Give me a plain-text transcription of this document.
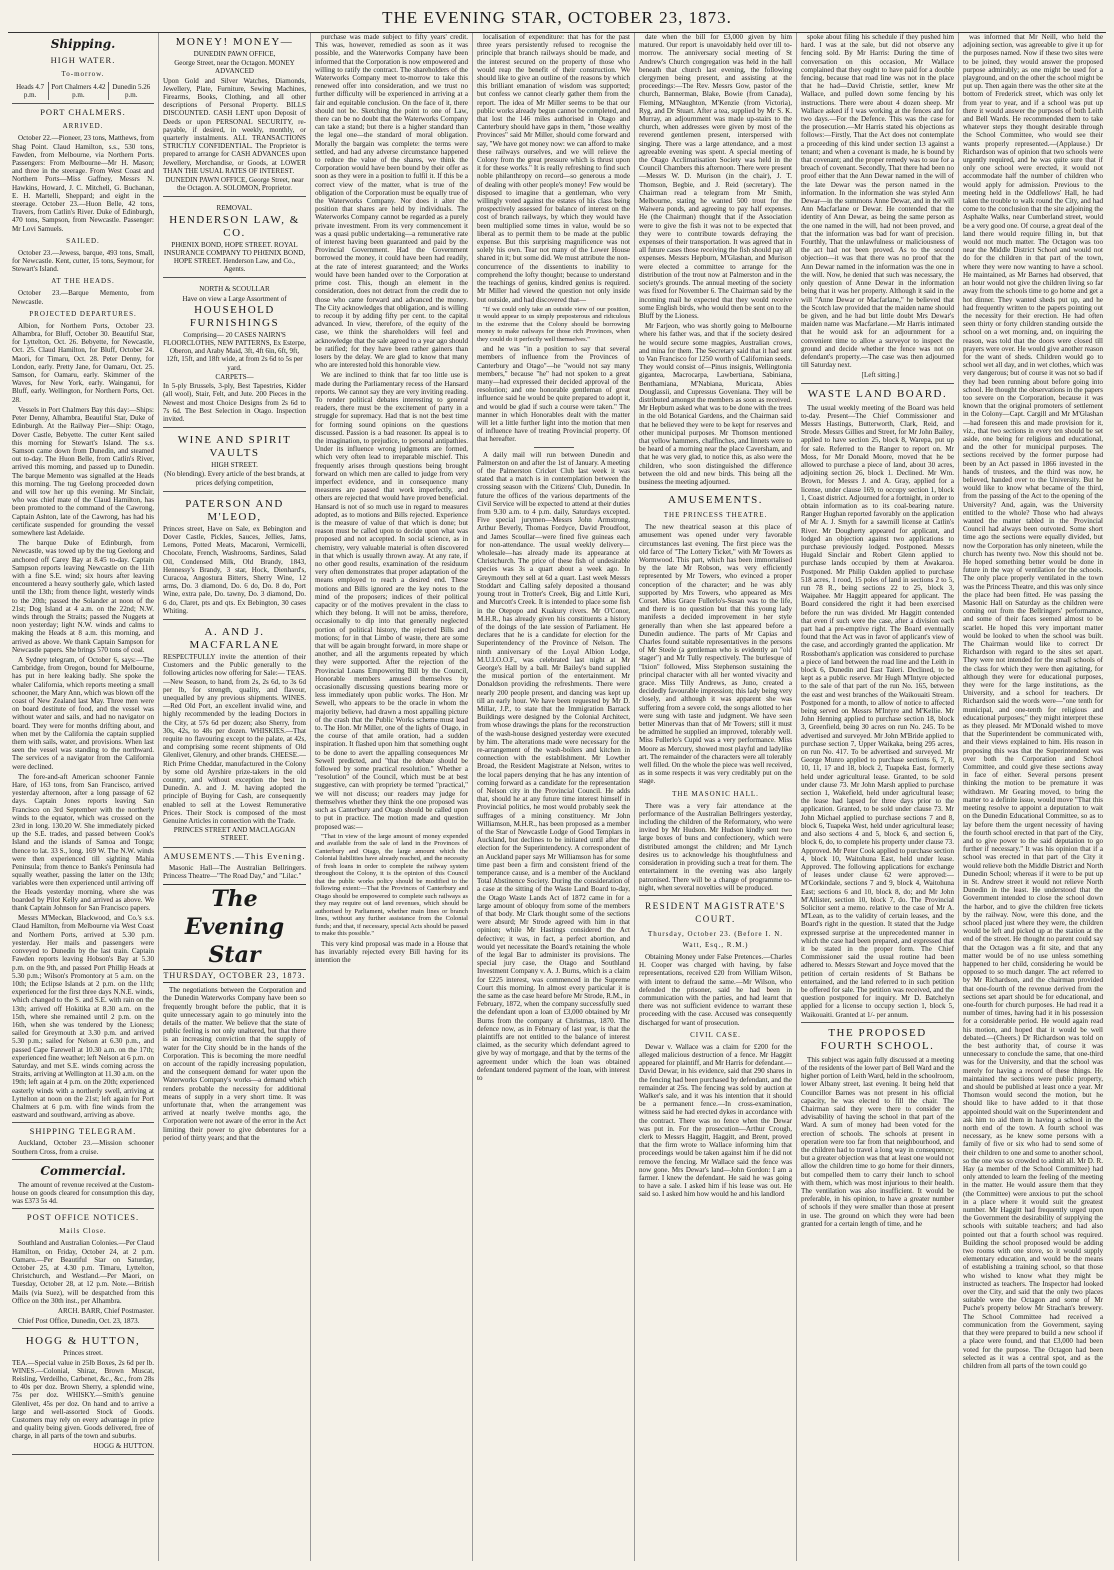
THE EVENING STAR, OCTOBER 23, 1873.
Shipping.
HIGH WATER.
To-morrow.
Heads 4.7 p.m.	Port Chalmers 4.42 p.m.	Dunedin 5.26 p.m.
PORT CHALMERS.
ARRIVED.

October 22.—Pioneer, 23 tons, Matthews, from Shag Point. Claud Hamilton, s.s., 530 tons, Fawden, from Melbourne, via Northern Ports. Passengers: From Melbourne—Mr H. Mason; and three in the steerage. From West Coast and Northern Ports—Miss Gaffney, Messrs N. Hawkins, Howard, J. C. Mitchell, G. Buchanan, E. H. Martelli, Sheppard; and eight in the steerage. October 23.—Huon Belle, 42 tons, Travers, from Catlin's River. Duke of Edinburgh, 470 tons, Sampson, from Newcastle. Passenger: Mr Lovi Samuels.

SAILED.

October 23.—Jewess, barque, 493 tons, Small, for Newcastle. Kent, cutter, 15 tons, Seymour, for Stewart's Island.

AT THE HEADS.

October 23.—Barque Memento, from Newcastle.

PROJECTED DEPARTURES.

Albion, for Northern Ports, October 23. Alhambra, for Bluff, October 30. Beautiful Star, for Lyttelton, Oct. 26. Bebyette, for Newcastle, Oct. 25. Claud Hamilton, for Bluff, October 24. Maori, for Timaru, Oct. 28. Peter Denny, for London, early. Pretty Jane, for Oamaru, Oct. 25. Samson, for Oamaru, early. Skimmer of the Waves, for New York, early. Wainganui, for Bluff, early. Wellington, for Northern Ports, Oct. 28.

Vessels in Port Chalmers Bay this day:—Ships: Peter Denny, Alhambra, Beautiful Star, Duke of Edinburgh. At the Railway Pier—Ship: Otago, Dover Castle, Bebyette. The cutter Kent sailed this morning for Stewart's Island. The s.s. Samson came down from Dunedin, and steamed out to-day. The Huon Belle, from Catlin's River, arrived this morning, and passed up to Dunedin. The barque Memento was signalled at the Heads this morning. The tug Geelong proceeded down and will tow her up this evening. Mr Sinclair, who was chief mate of the Claud Hamilton, has been promoted to the command of the Cawrong, Captain Ashton, late of the Cawrong, has had his certificate suspended for grounding the vessel somewhere last Adelaide.

The barque Duke of Edinburgh, from Newcastle, was towed up by the tug Geelong and anchored off Carey Bay at 8.45 to-day. Captain Sampson reports leaving Newcastle on the 11th with a fine S.E. wind; six hours after leaving encountered a heavy southerly gale, which lasted until the 13th; from thence light, westerly winds to the 20th; passed the Solander at noon of the 21st; Dog Island at 4 a.m. on the 22nd; N.W. winds through the Straits; passed the Nuggets at noon yesterday; light N.W. winds and calms to making the Heads at 8 a.m. this morning, and arrived as above. We thank Captain Sampson for Newcastle papers. She brings 570 tons of coal.

A Sydney telegram, of October 6, says:—The Cambridge, from Oregon, bound for Melbourne, has put in here leaking badly. She spoke the whaler California, which reports meeting a small schooner, the Mary Ann, which was blown off the coast of New Zealand last May. Three men were on board destitute of food, and the vessel was without water and sails, and had no navigator on board. They were for months drifting about, and when met by the California the captain supplied them with sails, water, and provisions. When last seen the vessel was standing to the northward. The services of a navigator from the California were declined.

The fore-and-aft American schooner Fannie Hare, of 163 tons, from San Francisco, arrived yesterday afternoon, after a long passage of 62 days. Captain Jones reports leaving San Francisco on 3rd September with the northerly winds to the equator, which was crossed on the 23rd in long. 130.20 W. She immediately picked up the S.E. trades, and passed between Cook's Island and the islands of Samoa and Tonga; thence to lat. 33 S., long. 169 W. The N.W. winds were then experienced till sighting Mahia Peninsula; from thence to Banks's Peninsula had squally weather, passing the latter on the 13th; variables were then experienced until arriving off the Heads yesterday morning, where she was boarded by Pilot Kelly and arrived as above. We thank Captain Johnson for San Francisco papers.

Messrs M'Meckan, Blackwood, and Co.'s s.s. Claud Hamilton, from Melbourne via West Coast and Northern Ports, arrived at 5.30 p.m. yesterday. Her mails and passengers were conveyed to Dunedin by the last train. Captain Fawden reports leaving Hobson's Bay at 5.30 p.m. on the 9th, and passed Port Phillip Heads at 5.30 p.m.; Wilson's Promontory at 5 a.m. on the 10th; the Eclipse Islands at 2 p.m. on the 11th; experienced for the first three days N.N.E. winds, which changed to the S. and S.E. with rain on the 13th; arrived off Hokitika at 8.30 a.m. on the 15th, where she remained until 2 p.m. on the 16th, when she was tendered by the Lioness; sailed for Greymouth at 3.30 p.m. and arrived 5.30 p.m.; sailed for Nelson at 6.30 p.m., and passed Cape Farewell at 10.30 a.m. on the 17th; experienced fine weather; left Nelson at 6 p.m. on Saturday, and met S.E. winds coming across the Straits, arriving at Wellington at 11.30 a.m. on the 19th; left again at 4 p.m. on the 20th; experienced easterly winds with a northerly swell, arriving at Lyttelton at noon on the 21st; left again for Port Chalmers at 6 p.m. with fine winds from the eastward and southward, arriving as above.

SHIPPING TELEGRAM.

Auckland, October 23.—Mission schooner Southern Cross, from a cruise.

Commercial.

The amount of revenue received at the Custom-house on goods cleared for consumption this day, was £373 5s 4d.

POST OFFICE NOTICES.
Mails Close.

Southland and Australian Colonies.—Per Claud Hamilton, on Friday, October 24, at 2 p.m. Oamaru.—Per Beautiful Star on Saturday, October 25, at 4.30 p.m. Timaru, Lyttelton, Christchurch, and Westland.—Per Maori, on Tuesday, October 28, at 12 p.m. Note.—British Mails (via Suez), will be despatched from this Office on the 30th inst., per Alhambra.

ARCH. BARR, Chief Postmaster.

Chief Post Office, Dunedin, Oct. 23, 1873.

HOGG & HUTTON,

Princes street.

TEA.—Special value in 25lb Boxes, 2s 6d per lb. WINES.—Colonial, Shiraz, Brown Muscat, Reisling, Verdeilho, Carbenet, &c., &c., from 28s to 40s per doz. Brown Sherry, a splendid wine, 75s per doz. WHISKY.—Smith's genuine Glenlivet, 45s per doz. On hand and to arrive a large and well-assorted Stock of Goods. Customers may rely on every advantage in price and quality being given. Goods delivered, free of charge, in all parts of the town and suburbs.

HOGG & HUTTON.

MONEY! MONEY—

DUNEDIN PAWN OFFICE,

George Street, near the Octagon. MONEY ADVANCED

Upon Gold and Silver Watches, Diamonds, Jewellery, Plate, Furniture, Sewing Machines, Firearms, Books, Clothing, and all other descriptions of Personal Property. BILLS DISCOUNTED. CASH LENT upon Deposit of Deeds or upon PERSONAL SECURITY, re-payable, if desired, in weekly, monthly, or quarterly instalments. ALL TRANSACTIONS STRICTLY CONFIDENTIAL. The Proprietor is prepared to arrange for CASH ADVANCES upon Jewellery, Merchandise, or Goods, at LOWER THAN THE USUAL RATES OF INTEREST.

DUNEDIN PAWN OFFICE, George Street, near the Octagon. A. SOLOMON, Proprietor.

REMOVAL.

HENDERSON LAW, & CO.

PHŒNIX BOND, HOPE STREET. ROYAL INSURANCE COMPANY TO PHŒNIX BOND, HOPE STREET. Henderson Law, and Co., Agents.

NORTH & SCOULLAR

Have on view a Large Assortment of

HOUSEHOLD FURNISHINGS

Comprising— 20 CASES NAIRN'S FLOORCLOTHS, NEW PATTERNS, Ex Esterpe, Oberon, and Araby Maid, 3ft, 4ft 6in, 6ft, 9ft, 12ft, 15ft, and 18ft wide, at from 2s 6d to 5s per yard.

CARPETS—

In 5-ply Brussels, 3-ply, Best Tapestries, Kidder (all wool), Stair, Felt, and Jute. 200 Pieces in the Newest and most Choice Designs from 2s 6d to 7s 6d. The Best Selection in Otago. Inspection invited.

WINE AND SPIRIT VAULTS

HIGH STREET.

(No blending). Every article of the best brands, at prices defying competition,

PATERSON AND M'LEOD,

Princes street, Have on Sale, ex Bebington and Dover Castle, Pickles, Sauces, Jellies, Jams, Lemons, Potted Meats, Macaroni, Vermicelli, Chocolate, French, Washrooms, Sardines, Salad Oil, Condensed Milk, Old Brandy, 1843, Hennessy's Brandy, 3 star, Hock, Dienhard's, Curacoa, Angostura Bitters, Sherry Wine, 12 arms, Do. 3 diamond, Do. 6 do, Do. 8 do, Port Wine, extra pale, Do. tawny, Do. 3 diamond, Do. 6 do, Claret, pts and qts. Ex Bebington, 30 cases Whiting.

A. AND J. MACFARLANE

RESPECTFULLY invite the attention of their Customers and the Public generally to the following articles now offering for Sale:— TEAS.—New Season, to hand, from 2s, 2s 6d, to 3s 6d per lb, for strength, quality, and flavour, unequalled by any previous shipments. WINES.—Red Old Port, an excellent invalid wine, and highly recommended by the leading Doctors in the City, at 57s 6d per dozen; also Sherry, from 30s, 42s, to 48s per dozen. WHISKIES.—That requite no flavouring except to the palate, at 42s, and comprising some recent shipments of Old Glenlivet, Glenury, and other brands. CHEESE.—Rich Prime Cheddar, manufactured in the Colony by some old Ayrshire prize-takers in the old country, and without exception the best in Dunedin. A. and J. M. having adopted the principle of Buying for Cash, are consequently enabled to sell at the Lowest Remunerative Prices. Their Stock is composed of the most Genuine Articles in connection with the Trade.

PRINCES STREET AND MACLAGGAN STREET.

AMUSEMENTS.—This Evening.

Masonic Hall—The Australian Bellringers. Princess Theatre—"The Road Day," and "Lilac."

The Evening Star
THURSDAY, OCTOBER 23, 1873.

The negotiations between the Corporation and the Dunedin Waterworks Company have been so frequently brought before the public, that it is quite unnecessary again to go minutely into the details of the matter. We believe that the state of public feeling is not only unaltered, but that there is an increasing conviction that the supply of water for the City should be in the hands of the Corporation. This is becoming the more needful on account of the rapidly increasing population, and the consequent demand for water upon the Waterworks Company's works—a demand which renders probable the necessity for additional means of supply in a very short time. It was unfortunate that, when the arrangement was arrived at nearly twelve months ago, the Corporation were not aware of the error in the Act limiting their power to give debentures for a period of thirty years; and that the

purchase was made subject to fifty years' credit. This was, however, remedied as soon as it was possible, and the Waterworks Company have been informed that the Corporation is now empowered and willing to ratify the contract. The shareholders of the Waterworks Company meet to-morrow to take this renewed offer into consideration, and we trust no further difficulty will be experienced in arriving at a fair and equitable conclusion. On the face of it, there should not be. Sketching the point to one of Law, there can be no doubt that the Waterworks Company can take a stand; but there is a higher standard than the legal one—the standard of moral obligation. Morally the bargain was complete: the terms were settled, and had any adverse circumstance happened to reduce the value of the shares, we think the Corporation would have been bound by their offer as soon as they were in a position to fulfil it. If this be a correct view of the matter, what is true of the obligation of the Corporation must be equally true of the Waterworks Company. Nor does it alter the position that shares are held by individuals. The Waterworks Company cannot be regarded as a purely private investment. From its very commencement it was a quasi public undertaking—a remunerative rate of interest having been guaranteed and paid by the Provincial Government. Had the Government borrowed the money, it could have been had readily, at the rate of interest guaranteed; and the Works would have been handed over to the Corporation at prime cost. This, though an element in the consideration, does not detract from the credit due to those who came forward and advanced the money. The City acknowledges that obligation, and is willing to recoup it by adding fifty per cent. to the capital advanced. In view, therefore, of the equity of the case, we think the shareholders will feel and acknowledge that the sale agreed to a year ago should be ratified; for they have been rather gainers than losers by the delay. We are glad to know that many who are interested hold this honorable view.

We are inclined to think that far too little use is made during the Parliamentary recess of the Hansard reports. We cannot say they are very inviting reading. To render political debates interesting to general readers, there must be the excitement of party in a struggle for supremacy. Had that is not the best time for forming sound opinions on the questions discussed. Passion is a bad reasoner. Its appeal is to the imagination, to prejudice, to personal antipathies. Under its influence wrong judgments are formed, which very often lead to irreparable mischief. This frequently arises through questions being brought forward on which men are called to judge from very imperfect evidence, and in consequence many measures are passed that work imperfectly, and others are rejected that would have proved beneficial. Hansard is not of so much use in regard to measures adopted, as to motions and Bills rejected. Experience is the measure of value of that which is done; but reason must be called upon to decide upon what was proposed and not accepted. In social science, as in chemistry, very valuable material is often discovered in that which is usually thrown away. At any rate, if no other good results, examination of the residuum very often demonstrates that proper adaptation of the means employed to reach a desired end. These motions and Bills ignored are the key notes to the mind of the proposers; indices of their political capacity or of the motives prevalent in the class to which they belong. It will not be amiss, therefore, occasionally to dip into that generally neglected portion of political history, the rejected Bills and motions; for in that Limbo of waste, there are some that will be again brought forward, in more shape or another, and all the arguments repeated by which they were supported. After the rejection of the Provincial Loans Empowering Bill by the Council, Honorable members amused themselves by occasionally discussing questions bearing more or less immediately upon public works. The Hon. Mr Sewell, who appears to be the oracle in whom the majority believe, had drawn a most appalling picture of the crash that the Public Works scheme must lead to. The Hon. Mr Miller, one of the lights of Otago, in the course of that amile oration, had a sudden inspiration. It flashed upon him that something ought to be done to avert the appalling consequences Mr Sewell predicted, and "that the debate should be followed by some practical resolution." Whether a "resolution" of the Council, which must be at best suggestive, can with propriety be termed "practical," we will not discuss; our readers may judge for themselves whether they think the one proposed was such as Canterbury and Otago should be called upon to put in practice. The motion made and question proposed was:—

"That in view of the large amount of money expended and available from the sale of land in the Provinces of Canterbury and Otago, the large amount which the Colonial liabilities have already reached, and the necessity of fresh loans in order to complete the railway system throughout the Colony, it is the opinion of this Council that the public works policy should be modified to the following extent:—That the Provinces of Canterbury and Otago should be empowered to complete such railways as they may require out of land revenues, which should be authorised by Parliament, whether main lines or branch lines, without any further assistance from the Colonial funds; and that, if necessary, special Acts should be passed to make this possible."

This very kind proposal was made in a House that has invariably rejected every Bill having for its intention the

localisation of expenditure: that has for the past three years persistently refused to recognise the principle that branch railways should be made, and the interest secured on the property of those who would reap the benefit of their construction. We should like to give an outline of the reasons by which this brilliant emanation of wisdom was supported; but confess we cannot clearly gather them from the report. The idea of Mr Miller seems to be that our public works already begun cannot be completed, and that lost the 146 miles authorised in Otago and Canterbury should have gaps in them, "those wealthy Provinces" said Mr Miller, should come forward and say, "We have got money now: we can afford to make these railways ourselves, and we will relieve the Colony from the great pressure which is thrust upon it for these works." It is really refreshing to find such noble philanthropy on record—so generous a mode of dealing with other people's money! Few would be disposed to imagine that a gentleman, who very willingly voted against the estates of his class being prospectively assessed for balance of interest on the cost of branch railways, by which they would have been multiplied some times in value, would be so liberal as to permit them to be made at the public expense. But this surprising magnificence was not solely his own. Tear not many of the Lower House shared in it; but some did. We must attribute the non-concurrence of the dissentients to inability to comprehend the lofty thought; because to understand the teachings of genius, kindred genius is required. Mr Miller had viewed the question not only inside but outside, and had discovered that—

"If we could only take an outside view of our position, it would appear to us simply preposterous and ridiculous in the extreme that the Colony should be borrowing money to make railways for those rich Provinces, when they could do it perfectly well themselves."

and he was "in a position to say that several members of influence from the Provinces of Canterbury and Otago"—he "would not say many members," because "he" had not spoken to a great many—had expressed their decided approval of the resolution; and one honorable gentleman of great influence said he would be quite prepared to adopt it, and would be glad if such a course were taken." The manner in which Honorables dealt with the matter will let a little further light into the motion that men of influence have of treating Provincial property. Of that hereafter.

A daily mail will run between Dunedin and Palmerston on and after the 1st of January. A meeting of the Palmerston Cricket Club last week it was stated that a match is in contemplation between the crossing season with the Citizens' Club, Dunedin. In future the offices of the various departments of the Civil Service will be expected to attend at their duties from 9.30 a.m. to 4 p.m. daily, Saturdays excepted. Five special jurymen—Messrs John Armstrong, Arthur Beverly, Thomas Fordyce, David Proudfoot, and James Scoullar—were fined five guineas each for non-attendance. The usual weekly delivery—wholesale—has already made its appearance at Christchurch. The price of these fish of undesirable species was 3s a quart about a week ago. In Greymouth they sell at 6d a quart. Last week Messrs Stoddart and Calling safely deposited a thousand young trout in Trotter's Creek, Big and Little Kuri, and Murcott's Creek. It is intended to place some fish in the Otepopo and Kuakury rivers. Mr O'Conor, M.H.R., has already given his constituents a history of the doings of the late session of Parliament. He declares that he is a candidate for election for the Superintendency of the Province of Nelson. The ninth anniversary of the Loyal Albion Lodge, M.U.I.O.O.F., was celebrated last night at Mr George's Hall by a ball. Mr Bailey's band supplied the musical portion of the entertainment. Mr Donaldson providing the refreshments. There were nearly 200 people present, and dancing was kept up till an early hour. We have been requested by Mr D. Millar, J.P., to state that the Immigration Barrack Buildings were designed by the Colonial Architect, from whose drawings the plans for the reconstruction of the wash-house designed yesterday were executed by him. The alterations made were necessary for the re-arrangement of the wash-boilers and kitchen in connection with the establishment. Mr Lowther Broad, the Resident Magistrate at Nelson, writes to the local papers denying that he has any intention of coming forward as a candidate for the representation of Nelson city in the Provincial Council. He adds that, should he at any future time interest himself in Provincial politics, he most would probably seek the suffrages of a mining constituency. Mr John Williamson, M.H.R., has been proposed as a member of the Star of Newcastle Lodge of Good Templars in Auckland, but declines to be initiated until after the election for the Superintendency. A correspondent of an Auckland paper says Mr Williamson has for some time past been a firm and consistent friend of the temperance cause, and is a member of the Auckland Total Abstinence Society. During the consideration of a case at the sitting of the Waste Land Board to-day, the Otago Waste Lands Act of 1872 came in for a large amount of obloquy from some of the members of that body. Mr Clark thought some of the sections were absurd; Mr Strode agreed with him in that opinion; while Mr Hastings considered the Act defective; it was, in fact, a perfect abortion, and would yet necessitate the Board's retaining the whole of the legal Bar to administer its provisions. The special jury case, the Otago and Southland Investment Company v. A. J. Burns, which is a claim for £225 interest, was commenced in the Supreme Court this morning. In almost every particular it is the same as the case heard before Mr Strode, R.M., in February, 1872, when the company successfully sued the defendant upon a loan of £3,000 obtained by Mr Burns from the company at Christmas, 1870. The defence now, as in February of last year, is that the plaintiffs are not entitled to the balance of interest claimed, as the security which defendant agreed to give by way of mortgage, and that by the terms of the agreement under which the loan was obtained defendant tendered payment of the loan, with interest to

date when the bill for £3,000 given by him matured. Our report is unavoidably held over till to-morrow. The anniversary social meeting of St Andrew's Church congregation was held in the hall beneath that church last evening, the following clergymen being present, and assisting at the proceedings:—The Rev. Messrs Gow, pastor of the church, Bannerman, Blake, Bowie (from Canada), Fleming, M'Naughton, M'Kenzie (from Victoria), Ryg, and Dr Stuart. After a tea, supplied by Mr S. K. Murray, an adjournment was made up-stairs to the church, when addresses were given by most of the reverend gentlemen present, interspersed with singing. There was a large attendance, and a most agreeable evening was spent. A special meeting of the Otago Acclimatisation Society was held in the Council Chambers this afternoon. There were present—Messrs W. D. Murison (in the chair), J. T. Thomson, Begbie, and J. Reid (secretary). The Chairman read a telegram from Mr Smith, Melbourne, stating he wanted 500 trout for the Waiwera ponds, and agreeing to pay half expenses. He (the Chairman) thought that if the Association were to give the fish it was not to be expected that they were to contribute towards defraying the expenses of their transportation. It was agreed that in all future cases those receiving the fish should pay all expenses. Messrs Hepburn, M'Glashan, and Murison were elected a committee to arrange for the distribution of the trout now at Palmerston and in the society's grounds. The annual meeting of the society was fixed for November 6. The Chairman said by the incoming mail he expected that they would receive some English birds, who would then be sent on to the Bluff by the Lioness.

Mr Farjeon, who was shortly going to Melbourne where his father was, and that if the society desired he would secure some magpies, Australian crows, and mina for them. The Secretary said that it had sent to Van Francisco for 1250 worth of Californian seeds. They would consist of—Pinus insignis, Wellingtonia gigantea, Macrocarpa, Lawbertiana, Sabiniana, Benthamiana, M'Nabiana, Muricata, Abies Douglassii, and Cupressus Goveniana. They will be distributed amongst the members as soon as received. Mr Hepburn asked what was to be done with the trees in the old Botanical Gardens, and the Chairman said that he believed they were to be kept for reserves and other municipal purposes. Mr Thomson mentioned that yellow hammers, chaffinches, and linnets were to be heard of a morning near the place Caversham, and that he was very glad, to notice this, as also were the children, who soon distinguished the difference between the old and new birds. This being all the business the meeting adjourned.

AMUSEMENTS.
THE PRINCESS THEATRE.

The new theatrical season at this place of amusement was opened under very favorable circumstances last evening. The first piece was the old farce of "The Lottery Ticket," with Mr Towers as Wormwood. This part, which has been immortalised by the late Mr Robson, was very efficiently represented by Mr Towers, who evinced a proper conception of the character; and he was ably supported by Mrs Towers, who appeared as Mrs Corset. Miss Grace Fullerlo's-Susan was to the life, and there is no question but that this young lady manifests a decided improvement in her style generally than when she last appeared before a Dunedin audience. The parts of Mr Capias and Charles found suitable representatives in the persons of Mr Steele (a gentleman who is evidently an "old stager") and Mr Tully respectively. The burlesque of "Ixion" followed, Miss Stephenson sustaining the principal character with all her wonted vivacity and grace. Miss Tilly Andrews, as Juno, created a decidedly favourable impression; this lady being very closely, and although it was apparent she was suffering from a severe cold, the songs allotted to her were sung with taste and judgment. We have seen better Minervas than that of Mr Towers; still it must be admitted he supplied an improved, tolerably well. Miss Fullerlo's Cupid was a very performance. Miss Moore as Mercury, showed most playful and ladylike art. The remainder of the characters were all tolerably well filled. On the whole the piece was well received, as in some respects it was very creditably put on the stage.

THE MASONIC HALL.

There was a very fair attendance at the performance of the Australian Bellringers yesterday, including the children of the Reformatory, who were invited by Mr Hudson. Mr Hudson kindly sent two large boxes of buns and confectionery, which were distributed amongst the children; and Mr Lynch desires us to acknowledge his thoughtfulness and consideration in providing such a treat for them. The entertainment in the evening was also largely patronised. There will be a change of programme to-night, when several novelties will be produced.

RESIDENT MAGISTRATE'S COURT.
Thursday, October 23. (Before I. N. Watt, Esq., R.M.)

Obtaining Money under False Pretences.—Charles H. Cooper was charged with having, by false representations, received £20 from William Wilson, with intent to defraud the same.—Mr Wilson, who defended the prisoner, said he had been in communication with the parties, and had learnt that there was not sufficient evidence to warrant these proceeding with the case. Accused was consequently discharged for want of prosecution.

CIVIL CASE.

Dewar v. Wallace was a claim for £200 for the alleged malicious destruction of a fence. Mr Haggitt appeared for plaintiff, and Mr Harris for defendant.—David Dewar, in his evidence, said that 290 shares in the fencing had been purchased by defendant, and the remainder at 25s. The fencing was sold by auction at Walker's sale, and it was his intention that it should be a permanent fence.—In cross-examination, witness said he had erected dykes in accordance with the contract. There was no fence when the Dewar was put in. For the prosecution—Arthur Crough, clerk to Messrs Haggitt, Haggitt, and Brent, proved that the firm wrote to Wallace informing him that proceedings would be taken against him if he did not remove the fencing. Mr Wallace said the fence was now gone. Mrs Dewar's land—John Gordon: I am a farmer. I knew the defendant. He said he was going to have a sale. I asked him if his lease was out. He said so. I asked him how would he and his landlord

spoke about filing his schedule if they pushed him hard. I was at the sale, but did not observe any fencing sold. By Mr Harris: During the time of conversation on this occasion, Mr Wallace complained that they ought to have paid for a double fencing, because that road line was not in the place that he had—David Christie, settler, knew Mr Wallace, and pulled down some fencing by his instructions. There were about 4 dozen sheep. Mr Wallace asked if I was working at the fences and for two days.—For the Defence. This was the case for the prosecution.—Mr Harris stated his objections as follows:—Firstly, That the Act does not contemplate a proceeding of this kind under section 13 against a tenant; and when a covenant is made, he is bound by that covenant; and the proper remedy was to sue for a breach of covenant. Secondly, That there had been no proof either that the Ann Dewar named in the will of the late Dewar was the person named in the information. In the information she was styled Ann Dewar—in the summons Anne Dewar, and in the will Ann Macfarlane or Dewar. He contended that the identity of Ann Dewar, as being the same person as the one named in the will, had not been proved, and that the information was bad for want of precision. Fourthly, That the unlawfulness or maliciousness of the act had not been proved. As to the second objection—it was that there was no proof that the Ann Dewar named in the information was the one in the will. Now, he denied that such was necessary, the only question of Anne Dewar in the information being that it was her property. Although it said in the will "Anne Dewar or Macfarlane," he believed that the Scotch law provided that the maiden name should be given, and he had but little doubt Mrs Dewar's maiden name was Macfarlane.—Mr Harris intimated that he would ask for an adjournment for a convenient time to allow a surveyor to inspect the ground and decide whether the fence was not on defendant's property.—The case was then adjourned till Saturday next.

[Left sitting.]

WASTE LAND BOARD.

The usual weekly meeting of the Board was held to-day. Present—The Chief Commissioner and Messrs Hastings, Butterworth, Clark, Reid, and Strode. Messrs Gillies and Street, for Mr John Bailey, applied to have section 25, block 8, Warepa, put up for sale. Referred to the Ranger to report on. Mr Moss, for Mr Donald Moore, moved that he be allowed to purchase a piece of land, about 30 acres, adjoining section 26, block 1. Declined. Mr Wm. Brown, for Messrs J. and A. Gray, applied for a license, under clause 169, to occupy section 1, block 1, Coast district. Adjourned for a fortnight, in order to obtain information as to its coal-bearing nature. Ranger Hughan reported favorably on the application of Mr A. J. Smyth for a sawmill license at Catlin's River. Mr Dougherty appeared for applicant, and lodged an objection against two applications to purchase previously lodged. Postponed. Messrs Hugald Sinclair and Robert Glenn applied to purchase lands occupied by them at Awakaroa. Postponed. Mr Philip Oakden applied to purchase 518 acres, 1 rood, 15 poles of land in sections 2 to 5, run 78 R., being sections 22 to 25, block 3, Waipahee. Mr Haggitt appeared for applicant. The Board considered the right it had been exercised before the run was divided. Mr Haggitt contended that even if such were the case, after a division each part had a pre-emptive right. The Board eventually found that the Act was in favor of applicant's view of the case, and accordingly granted the application. Mr Rossbotham's application was considered to purchase a piece of land between the road line and the Leith in block 6, Dunedin and East Taieri. Declined, to be kept as a public reserve. Mr Hugh M'Intyre objected to the sale of that part of the run No. 165, between the east and west branches of the Waikouaiti Stream. Postponed for a month, to allow of notice to affected being served on Messrs M'Intyre and M'Kellie. Mr John Henning applied to purchase section 18, block 3, Greenfield, being 30 acres on run No. 245. To be advertised and surveyed. Mr John M'Bride applied to purchase section 7, Upper Waikaka, being 295 acres, on run No. 417. To be advertised and surveyed. Mr George Munro applied to purchase sections 6, 7, 8, 10, 11, 17 and 18, block 2, Tuapeka East, formerly held under agricultural lease. Granted, to be sold under clause 73. Mr John Marsh applied to purchase section 1, Wakefield, held under agricultural lease; the lease had lapsed for three days prior to the application. Granted, to be sold under clause 73. Mr John Michael applied to purchase sections 7 and 8, block 6, Tuapeka West, held under agricultural lease; and also sections 4 and 5, block 6, and section 6, block 6, do, to complete his property under clause 73. Approved. Mr Peter Cook applied to purchase section 4, block 10, Waitohuna East, held under lease. Approved. The following applications for exchange of leases under clause 62 were approved:—M'Corkindale, sections 7 and 9, block 4, Waitohuna East; sections 6 and 10, block 8, do; and Mr John M'Allister, section 10, block 7, do. The Provincial Solicitor sent a memo. relative to the case of Mr A. M'Lean, as to the validity of certain leases, and the Board's right in the question. It stated that the Judge expressed surprise at the unprecedented manner in which the case had been prepared, and expressed that it be stated in the proper form. The Chief Commissioner said the usual routine had been adhered to. Messrs Stewart and Joyce moved that the petition of certain residents of St Bathans be entertained, and the land referred to in such petition be offered for sale. The petition was received, and the question postponed for inquiry. Mr D. Batchelyn applied for a license to occupy section 1, block 5, Waikouaiti. Granted at 1/- per annum.

THE PROPOSED FOURTH SCHOOL.

This subject was again fully discussed at a meeting of the residents of the lower part of Bell Ward and the higher portion of Leith Ward, held in the schoolroom, lower Albany street, last evening. It being held that Councillor Barnes was not present in his official capacity, he was elected to fill the chair. The Chairman said they were there to consider the advisability of having the school in that part of the Ward. A sum of money had been voted for the erection of schools. The schools at present in operation were too far from that neighbourhood, and the children had to travel a long way in consequence; but a greater objection was that at least one would not allow the children time to go home for their dinners, but compelled them to carry their lunch to school with them, which was most injurious to their health. The ventilation was also insufficient. It would be preferable, in his opinion, to have a greater number of schools if they were smaller than those at present in use. The ground on which they were had been granted for a certain length of time, and he

was informed that Mr Neill, who held the adjoining section, was agreeable to give it up for the purposes named. Now if these two sites were to be joined, they would answer the proposed purpose admirably; as one might be used for a playground, and on the other the school might be put up. Then again there was the other site at the bottom of Frederick street, which was only let from year to year, and if a school was put up there it would answer the purposes of both Leith and Bell Wards. He recommended them to take whatever steps they thought desirable through the School Committee, who would see their wants properly represented.—(Applause.) Dr Richardson was of opinion that two schools were urgently required, and he was quite sure that if only one school were erected, it would not accommodate half the number of children who would apply for admission. Previous to the meeting held in the Oddfellows' Hall, he had taken the trouble to walk round the City, and had come to the conclusion that the site adjoining the Asphalte Walks, near Cumberland street, would be a very good one. Of course, a great deal of the land there would require filling in, but that would not much matter. The Octagon was too near the Middle District School and would not do for the children in that part of the town, where they were now wanting to have a school. He maintained, as Mr Barnes had observed, that an hour would not give the children living so far away from the schools time to go home and get a hot dinner. They wanted sheds put up, and he had frequently written to the papers pointing out the necessity for their erection. He had often seen thirty or forty children standing outside the school on a wet morning, and, on inquiring the reason, was told that the doors were closed till prayers were over. He would give another reason for the want of sheds. Children would go to school wet all day, and in wet clothes, which was very dangerous; but of course it was not so bad if they had been running about before going into school. He thought the observations in the papers too severe on the Corporation, because it was known that the original promoters of settlement in the Colony—Capt. Cargill and Mr M'Glashan—had foreseen this and made provision for it, viz., that two sections in every ten should be set aside, one being for religious and educational, and the other for municipal purposes. The sections received by the former purpose had been by an Act passed in 1866 invested in the hands of trustees, and the third was now, he believed, handed over to the University. But he would like to know what became of the third, from the passing of the Act to the opening of the University? And, again, was the University entitled to the whole? Those who had always wanted the matter tabled in the Provincial Council had always been outvoted. Some short time ago the sections were equally divided, but now the Corporation has only nineteen, while the church has twenty two. Now this should not be. He hoped something better would be done in future in the way of ventilation for the schools. The only place properly ventilated in the town was the Princess Theatre, and this was only since the place had been fitted. He was passing the Masonic Hall on Saturday as the children were coming out from the Bellringers' performance, and some of their faces seemed almost to be scarlet. He hoped this very important matter would be looked to when the school was built. The Chairman would like to correct Dr Richardson with regard to the sites set apart. They were not intended for the small schools of the class for which they were then agitating, for although they were for educational purposes, they were for the large institutions, as the University, and a school for teachers. Dr Richardson said the words were—"one tenth for municipal, and one-tenth for religious and educational purposes;" they might interpret these as they pleased. Mr M'Donald wished to move that the Superintendent be communicated with, and their views explained to him. His reason in proposing this was that the Superintendent was over both the Corporation and School Committee, and could give these sections away in face of either. Several persons present thinking the motion to be premature it was withdrawn. Mr Gearing moved, to bring the matter to a definite issue, would move "That this meeting resolve to appoint a deputation to wait on the Dunedin Educational Committee, so as to lay before them the urgent necessity of having the fourth school erected in that part of the City, and to give power to the said deputation to go further if necessary." It was his opinion that if a school was erected in that part of the City it would relieve both the Middle District and North Dunedin School; whereas if it were to be put up in St. Andrew street it would not relieve North Dunedin in the least. He understood that the Government intended to close the school down the harbor, and to give the children free tickets by the railway. Now, were this done, and the school placed just where they were, the children would be left and picked up at the station at the end of the street. He thought no parent could say that the Octagon was a fit site, and that any matter would be of no use unless something happened to her child, considering he would be opposed to so much danger. The act referred to by Mr Richardson, and the chairman provided that one-fourth of the revenue derived from the sections set apart should be for educational, and one-fourth for church purposes. He had read it a number of times, having had it in his possession for a considerable period. He would again read his motion, and hoped that it would be well debated.—(Cheers.) Dr Richardson was told on the best authority that, of course it was unnecessary to conclude the same, that one-third was for the University, and that the school was merely for having a record of these things. He maintained the sections were public property, and should be published at least once a year. Mr Thomson would second the motion, but he should like to have added to it that those appointed should wait on the Superintendent and ask him to aid them in having a school in the north end of the town. A fourth school was necessary, as he knew some persons with a family of five or six who had to send some of their children to one and some to another school, so the one was so crowded to admit all. Mr D. R. Hay (a member of the School Committee) had only attended to learn the feeling of the meeting in the matter. He would assure them that they (the Committee) were anxious to put the school in a place where it would suit the greatest number. Mr Haggitt had frequently urged upon the Government the desirability of supplying the schools with suitable teachers; and had also pointed out that a fourth school was required. Building the school proposed would be adding two rooms with one stove, so it would supply elementary education, and would be the means of establishing a training school, so that those who wished to know what they might be instructed as teachers. The Inspector had looked over the City, and said that the only two places suitable were the Octagon and some of Mr Puche's property below Mr Strachan's brewery. The School Committee had received a communication from the Government, saying that they were prepared to build a new school if a place were found, and that £3,000 had been voted for the purpose. The Octagon had been selected as it was a central spot, and as the children from all parts of the town could go
